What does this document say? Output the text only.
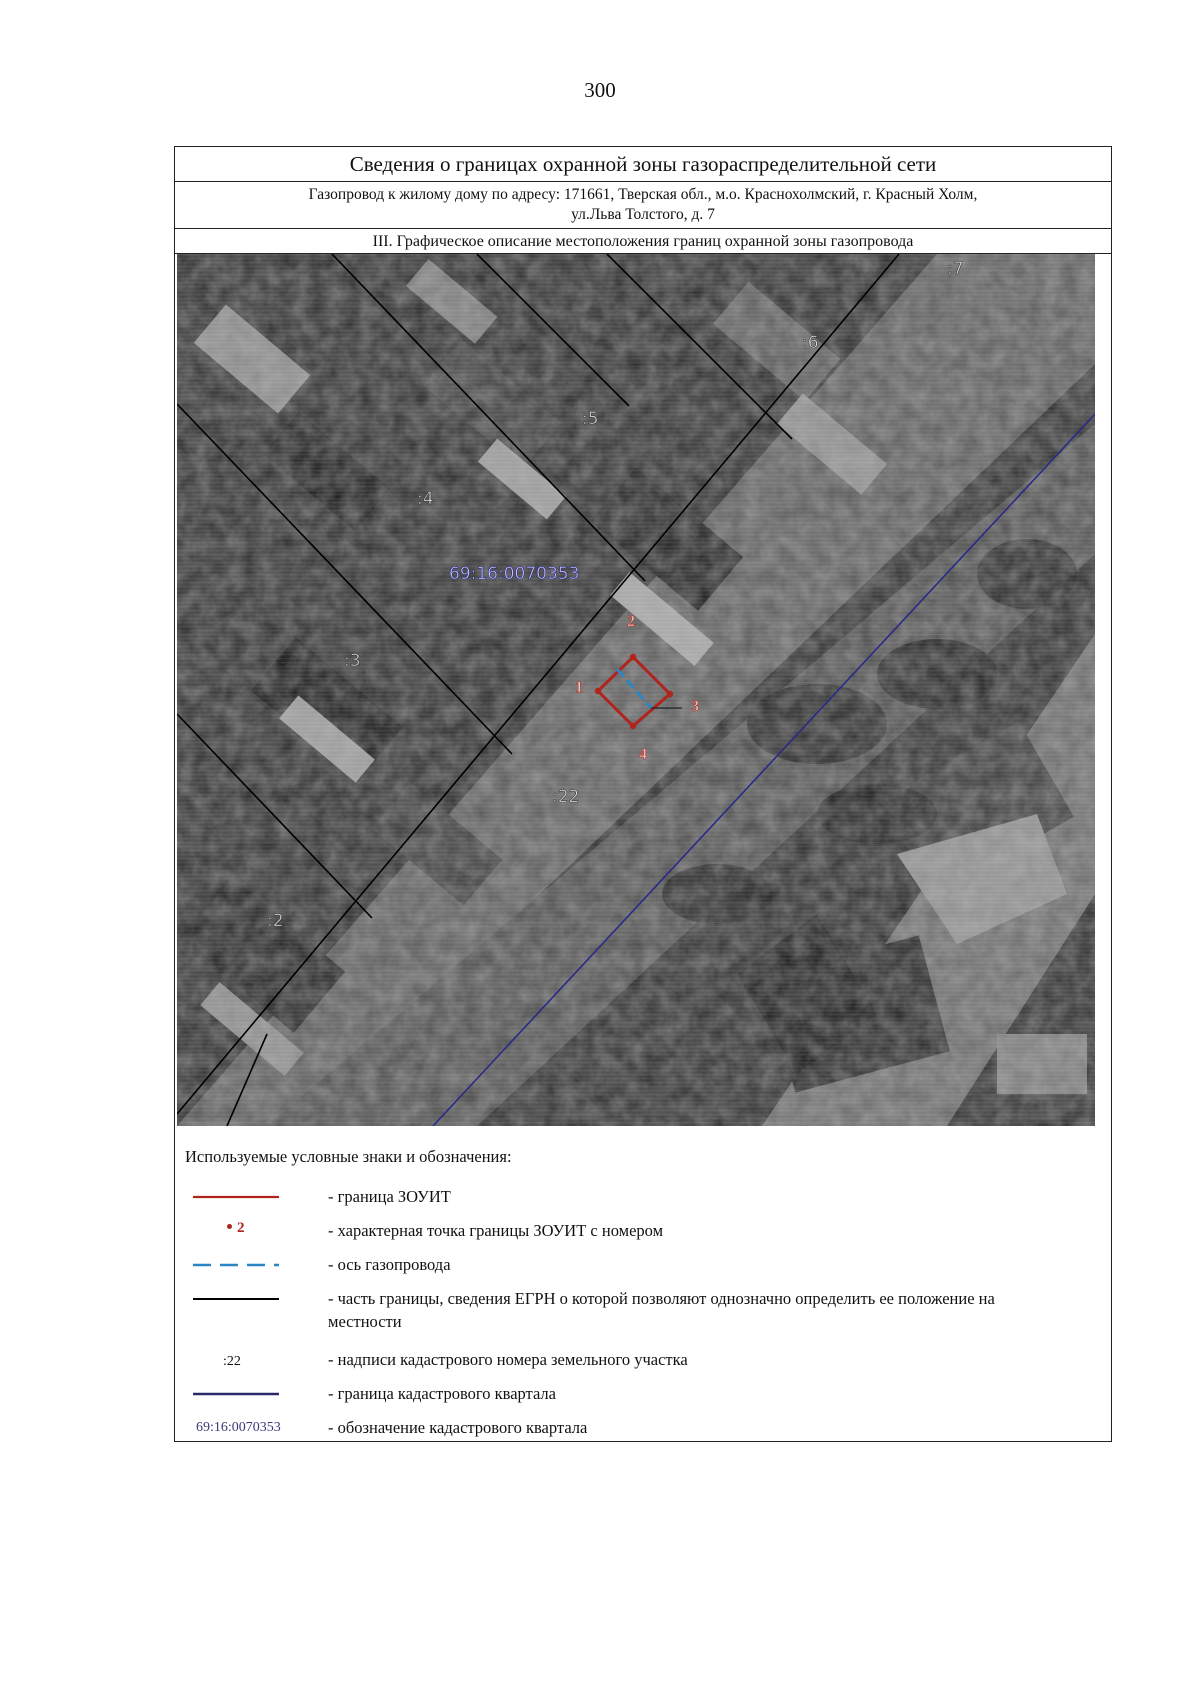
300
Сведения о границах охранной зоны газораспределительной сети
Газопровод к жилому дому по адресу: 171661, Тверская обл., м.о. Краснохолмский, г. Красный Холм,
ул.Льва Толстого, д. 7
III. Графическое описание местоположения границ охранной зоны газопровода
:7
:6
:5
:4
:3
:22
:2
69:16:0070353
1
2
3
4
Используемые условные знаки и обозначения:
- граница ЗОУИТ
2	- характерная точка границы ЗОУИТ с номером
- ось газопровода
- часть границы, сведения ЕГРН о которой позволяют однозначно определить ее положение на местности
:22	- надписи кадастрового номера земельного участка
- граница кадастрового квартала
69:16:0070353	- обозначение кадастрового квартала
